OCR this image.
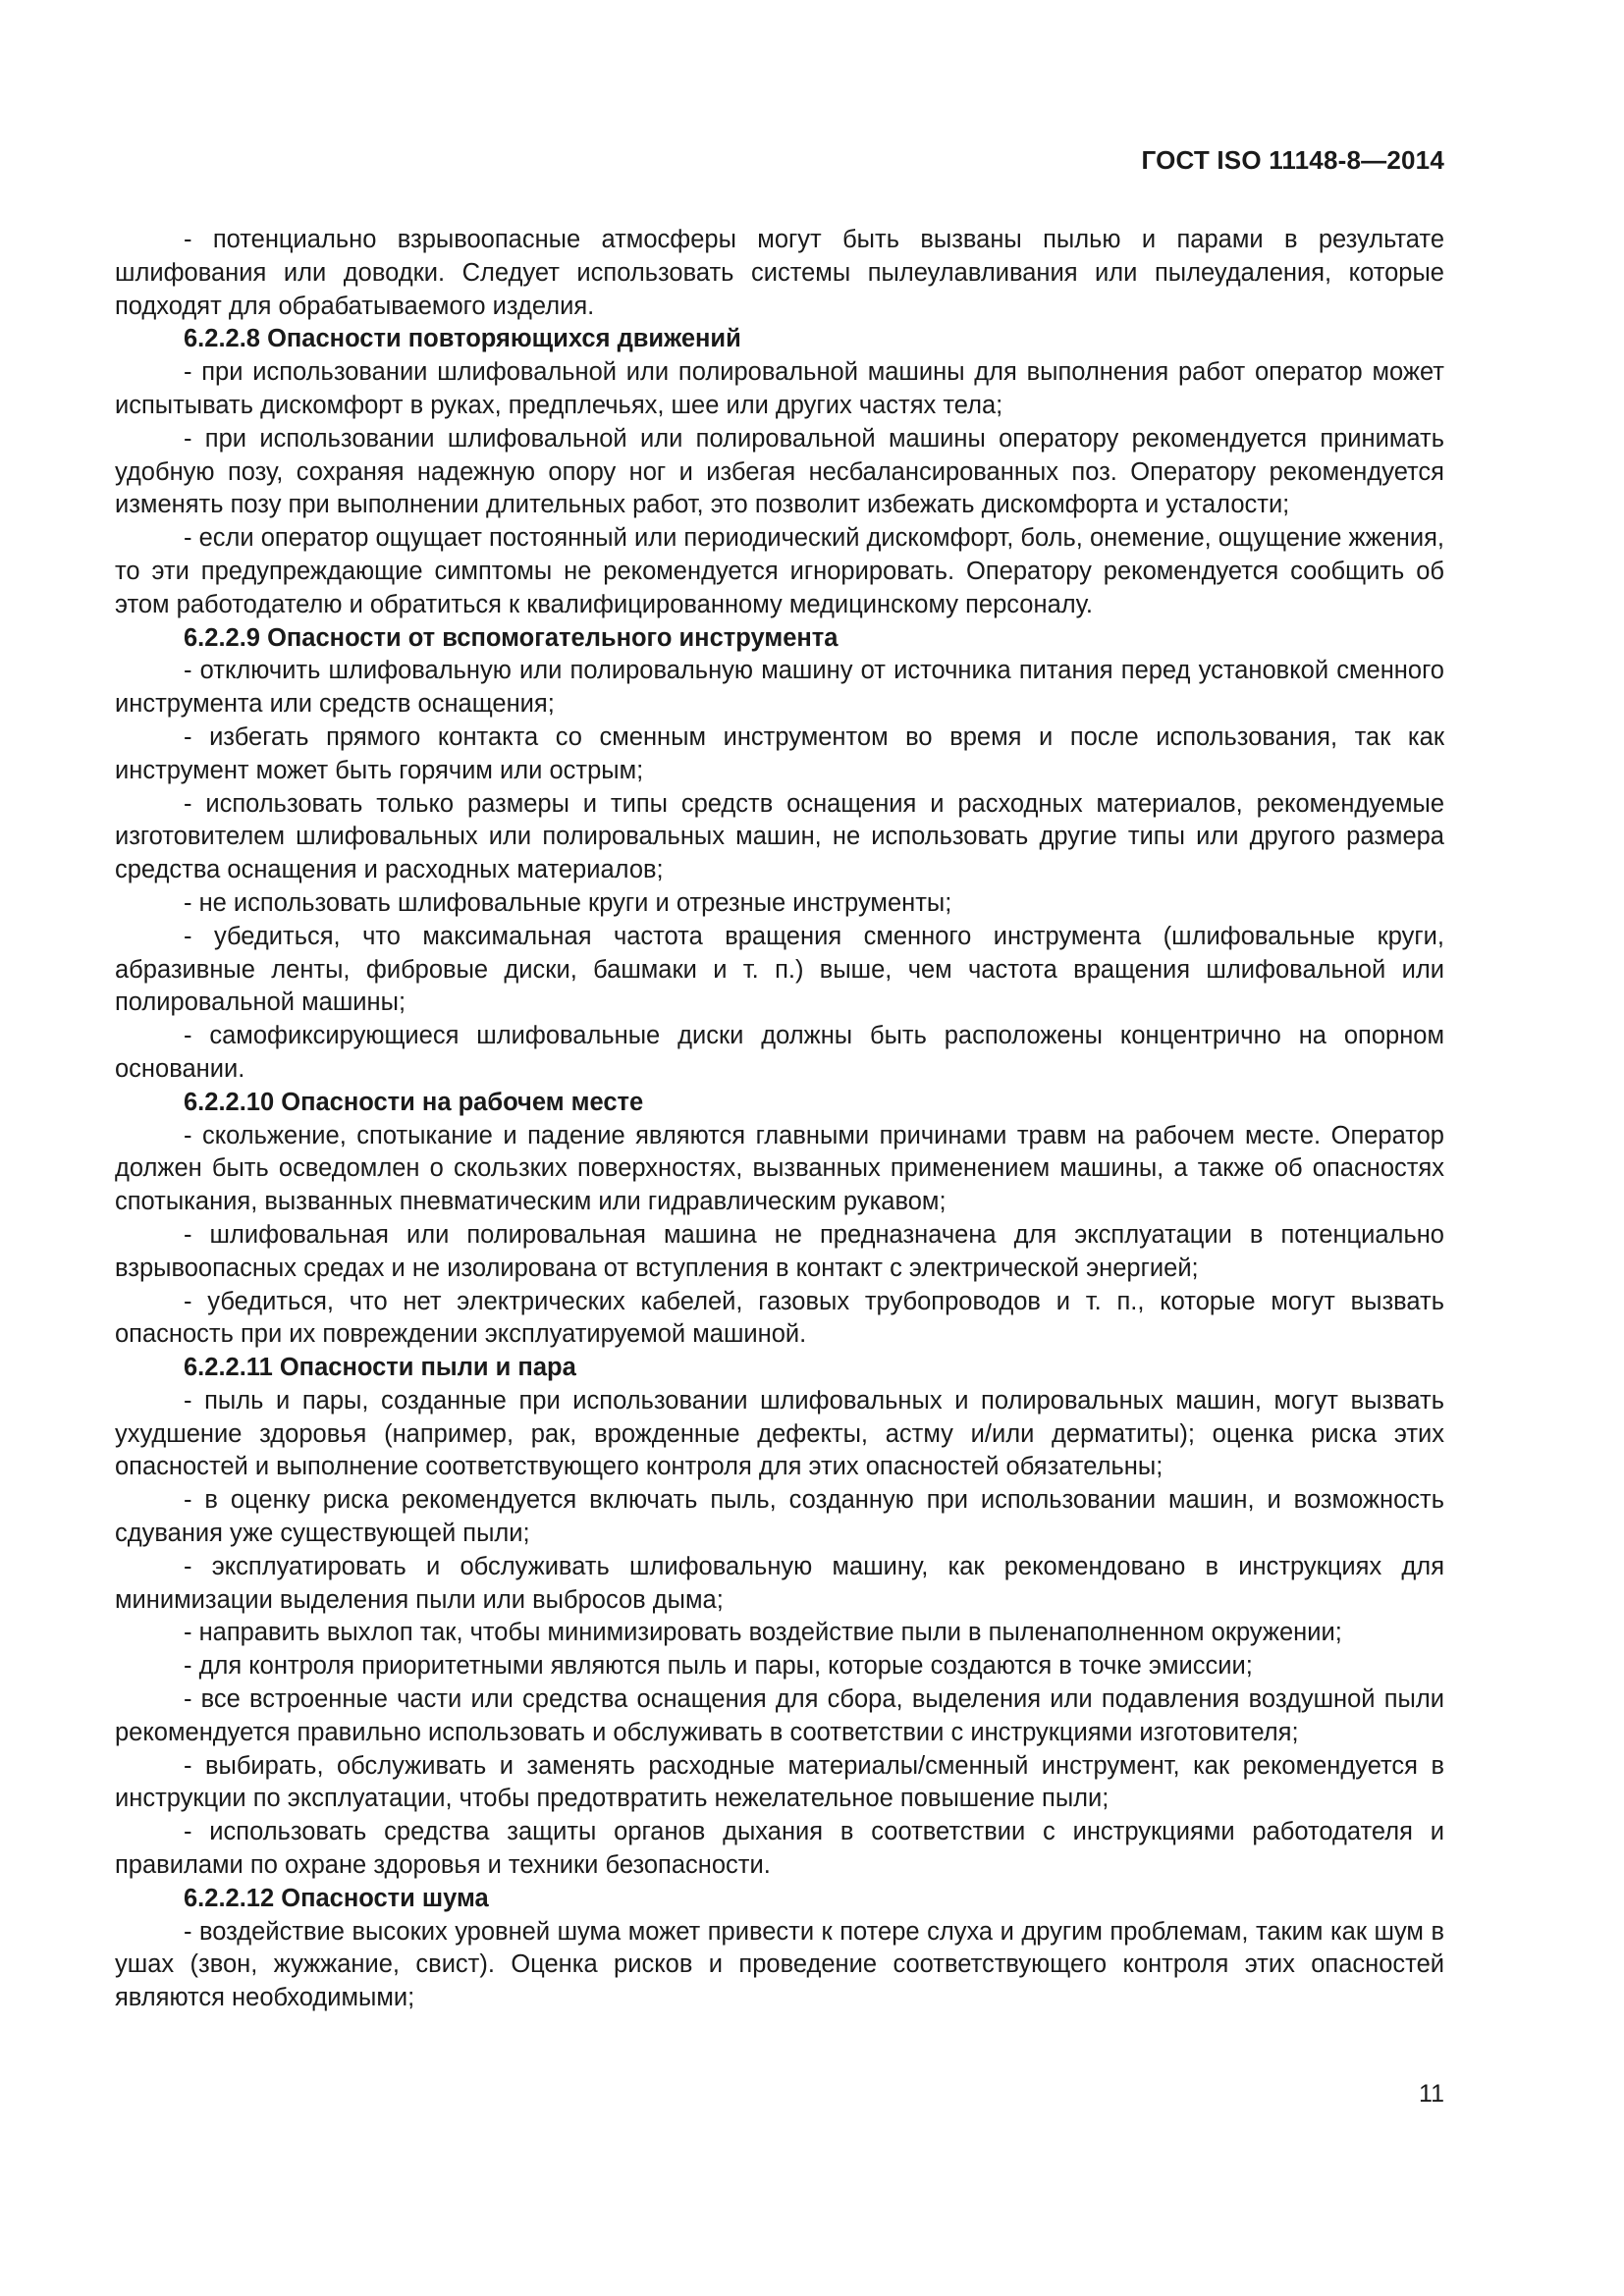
ГОСТ ISO 11148-8—2014

- потенциально взрывоопасные атмосферы могут быть вызваны пылью и парами в результате шлифования или доводки. Следует использовать системы пылеулавливания или пылеудаления, которые подходят для обрабатываемого изделия.

6.2.2.8 Опасности повторяющихся движений

- при использовании шлифовальной или полировальной машины для выполнения работ оператор может испытывать дискомфорт в руках, предплечьях, шее или других частях тела;

- при использовании шлифовальной или полировальной машины оператору рекомендуется принимать удобную позу, сохраняя надежную опору ног и избегая несбалансированных поз. Оператору рекомендуется изменять позу при выполнении длительных работ, это позволит избежать дискомфорта и усталости;

- если оператор ощущает постоянный или периодический дискомфорт, боль, онемение, ощущение жжения, то эти предупреждающие симптомы не рекомендуется игнорировать. Оператору рекомендуется сообщить об этом работодателю и обратиться к квалифицированному медицинскому персоналу.

6.2.2.9 Опасности от вспомогательного инструмента

- отключить шлифовальную или полировальную машину от источника питания перед установкой сменного инструмента или средств оснащения;

- избегать прямого контакта со сменным инструментом во время и после использования, так как инструмент может быть горячим или острым;

- использовать только размеры и типы средств оснащения и расходных материалов, рекомендуемые изготовителем шлифовальных или полировальных машин, не использовать другие типы или другого размера средства оснащения и расходных материалов;

- не использовать шлифовальные круги и отрезные инструменты;

- убедиться, что максимальная частота вращения сменного инструмента (шлифовальные круги, абразивные ленты, фибровые диски, башмаки и т. п.) выше, чем частота вращения шлифовальной или полировальной машины;

- самофиксирующиеся шлифовальные диски должны быть расположены концентрично на опорном основании.

6.2.2.10 Опасности на рабочем месте

- скольжение, спотыкание и падение являются главными причинами травм на рабочем месте. Оператор должен быть осведомлен о скользких поверхностях, вызванных применением машины, а также об опасностях спотыкания, вызванных пневматическим или гидравлическим рукавом;

- шлифовальная или полировальная машина не предназначена для эксплуатации в потенциально взрывоопасных средах и не изолирована от вступления в контакт с электрической энергией;

- убедиться, что нет электрических кабелей, газовых трубопроводов и т. п., которые могут вызвать опасность при их повреждении эксплуатируемой машиной.

6.2.2.11 Опасности пыли и пара

- пыль и пары, созданные при использовании шлифовальных и полировальных машин, могут вызвать ухудшение здоровья (например, рак, врожденные дефекты, астму и/или дерматиты); оценка риска этих опасностей и выполнение соответствующего контроля для этих опасностей обязательны;

- в оценку риска рекомендуется включать пыль, созданную при использовании машин, и возможность сдувания уже существующей пыли;

- эксплуатировать и обслуживать шлифовальную машину, как рекомендовано в инструкциях для минимизации выделения пыли или выбросов дыма;

- направить выхлоп так, чтобы минимизировать воздействие пыли в пыленаполненном окружении;

- для контроля приоритетными являются пыль и пары, которые создаются в точке эмиссии;

- все встроенные части или средства оснащения для сбора, выделения или подавления воздушной пыли рекомендуется правильно использовать и обслуживать в соответствии с инструкциями изготовителя;

- выбирать, обслуживать и заменять расходные материалы/сменный инструмент, как рекомендуется в инструкции по эксплуатации, чтобы предотвратить нежелательное повышение пыли;

- использовать средства защиты органов дыхания в соответствии с инструкциями работодателя и правилами по охране здоровья и техники безопасности.

6.2.2.12 Опасности шума

- воздействие высоких уровней шума может привести к потере слуха и другим проблемам, таким как шум в ушах (звон, жужжание, свист). Оценка рисков и проведение соответствующего контроля этих опасностей являются необходимыми;

11
